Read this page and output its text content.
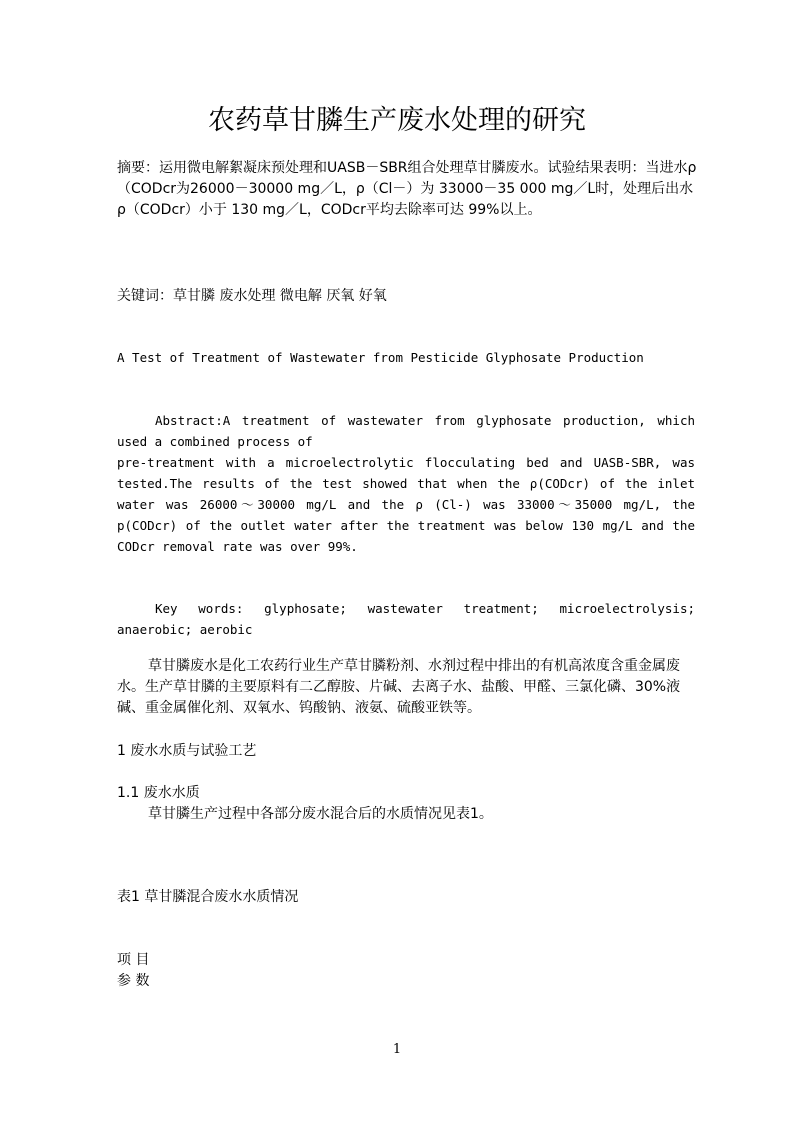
农药草甘膦生产废水处理的研究
摘要：运用微电解絮凝床预处理和UASB－SBR组合处理草甘膦废水。试验结果表明：当进水ρ（CODcr为26000－30000 mg／L，ρ（Cl－）为 33000－35 000 mg／L时，处理后出水ρ（CODcr）小于 130 mg／L，CODcr平均去除率可达 99%以上。
关键词：草甘膦 废水处理 微电解 厌氧 好氧
A Test of Treatment of Wastewater from Pesticide Glyphosate Production
Abstract:A treatment of wastewater from glyphosate production, which used a combined process of
pre-treatment with a microelectrolytic flocculating bed and UASB-SBR, was tested.The results of the test showed that when the ρ(CODcr) of the inlet water was 26000～30000 mg/L and the ρ (Cl-) was 33000～35000 mg/L, the p(CODcr) of the outlet water after the treatment was below 130 mg/L and the CODcr removal rate was over 99%.
Key words: glyphosate; wastewater treatment; microelectrolysis; anaerobic; aerobic
草甘膦废水是化工农药行业生产草甘膦粉剂、水剂过程中排出的有机高浓度含重金属废水。生产草甘膦的主要原料有二乙醇胺、片碱、去离子水、盐酸、甲醛、三氯化磷、30%液碱、重金属催化剂、双氧水、钨酸钠、液氨、硫酸亚铁等。
1 废水水质与试验工艺
1.1 废水水质
草甘膦生产过程中各部分废水混合后的水质情况见表1。
表1 草甘膦混合废水水质情况
项 目
参 数
1
